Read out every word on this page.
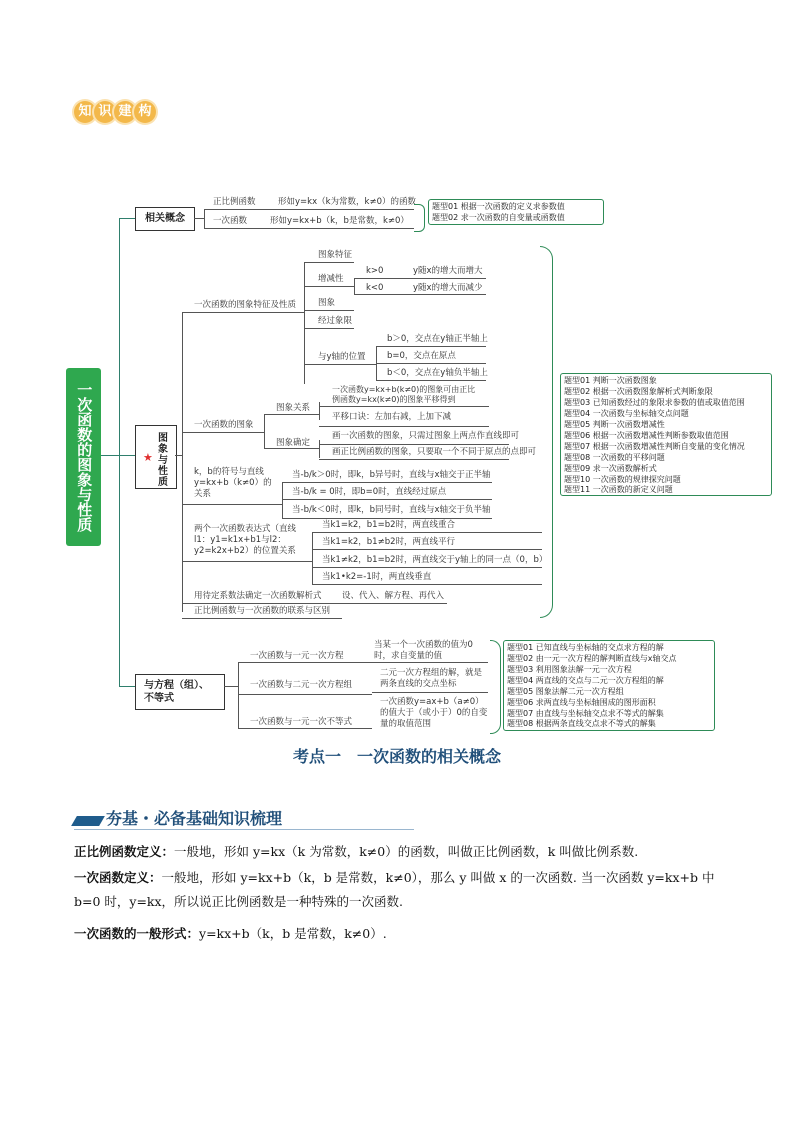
知 识 建 构
一次函数的图象与性质
相关概念
正比例函数	形如y=kx（k为常数，k≠0）的函数
一次函数	形如y=kx+b（k，b是常数，k≠0）
题型01 根据一次函数的定义求参数值
题型02 求一次函数的自变量或函数值
图
象
与
性
质
★
一次函数的图象特征及性质
图象特征
增减性
k>0	y随x的增大而增大
k<0	y随x的增大而减少
图象
经过象限
与y轴的位置
b＞0，交点在y轴正半轴上
b=0，交点在原点
b＜0，交点在y轴负半轴上
一次函数的图象
图象关系
图象确定
一次函数y=kx+b(k≠0)的图象可由正比例函数y=kx(k≠0)的图象平移得到
平移口诀：左加右减，上加下减
画一次函数的图象，只需过图象上两点作直线即可
画正比例函数的图象，只要取一个不同于原点的点即可
k，b的符号与直线y=kx+b（k≠0）的关系
当-b/k＞0时，即k，b异号时，直线与x轴交于正半轴
当-b/k = 0时，即b=0时，直线经过原点
当-b/k＜0时，即k，b同号时，直线与x轴交于负半轴
两个一次函数表达式（直线l1：y1=k1x+b1与l2：y2=k2x+b2）的位置关系
当k1=k2，b1=b2时，两直线重合
当k1=k2，b1≠b2时，两直线平行
当k1≠k2，b1=b2时，两直线交于y轴上的同一点（0，b）
当k1•k2=-1时，两直线垂直
用待定系数法确定一次函数解析式 设、代入、解方程、再代入
正比例函数与一次函数的联系与区别
题型01 判断一次函数图象
题型02 根据一次函数图象解析式判断象限
题型03 已知函数经过的象限求参数的值或取值范围
题型04 一次函数与坐标轴交点问题
题型05 判断一次函数增减性
题型06 根据一次函数增减性判断参数取值范围
题型07 根据一次函数增减性判断自变量的变化情况
题型08 一次函数的平移问题
题型09 求一次函数解析式
题型10 一次函数的规律探究问题
题型11 一次函数的新定义问题
与方程（组）、
不等式
一次函数与一元一次方程
一次函数与二元一次方程组
一次函数与一元一次不等式
当某一个一次函数的值为0时，求自变量的值
二元一次方程组的解，就是两条直线的交点坐标
一次函数y=ax+b（a≠0）的值大于（或小于）0的自变量的取值范围
题型01 已知直线与坐标轴的交点求方程的解
题型02 由一元一次方程的解判断直线与x轴交点
题型03 利用图象法解一元一次方程
题型04 两直线的交点与二元一次方程组的解
题型05 图象法解二元一次方程组
题型06 求两直线与坐标轴围成的图形面积
题型07 由直线与坐标轴交点求不等式的解集
题型08 根据两条直线交点求不等式的解集
考点一　一次函数的相关概念
夯基・必备基础知识梳理
正比例函数定义：一般地，形如 y=kx（k 为常数，k≠0）的函数，叫做正比例函数，k 叫做比例系数.
一次函数定义：一般地，形如 y=kx+b（k，b 是常数，k≠0），那么 y 叫做 x 的一次函数. 当一次函数 y=kx+b 中 b=0 时，y=kx，所以说正比例函数是一种特殊的一次函数.
一次函数的一般形式：y=kx+b（k，b 是常数，k≠0）.
